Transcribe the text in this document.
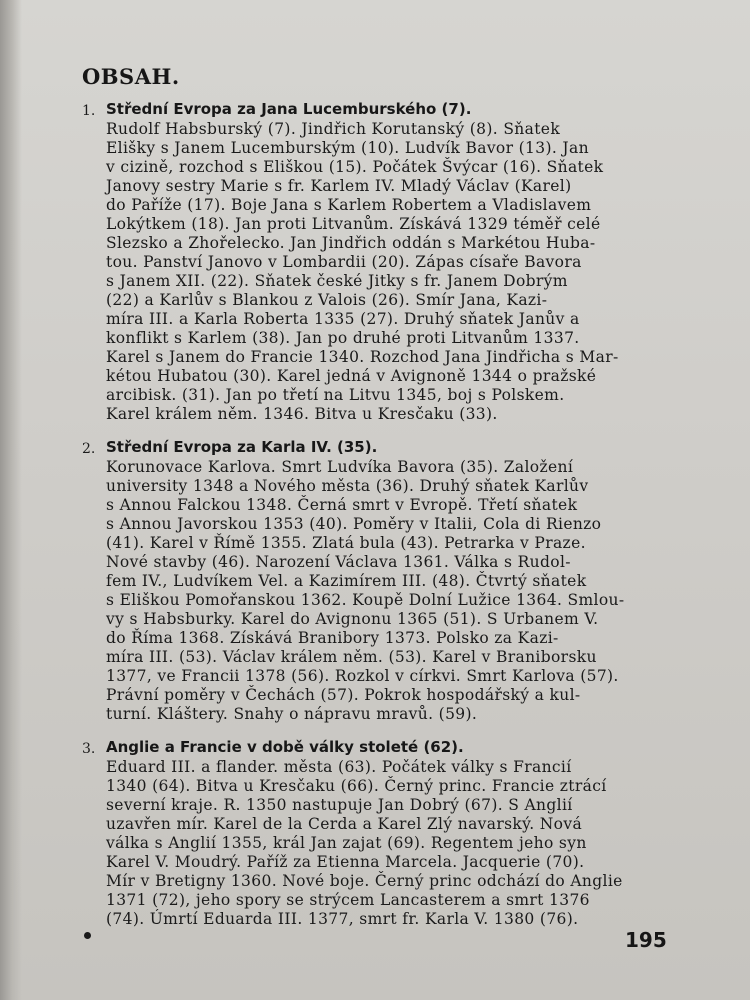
OBSAH.
1. Střední Evropa za Jana Lucemburského (7).
Rudolf Habsburský (7). Jindřich Korutanský (8). Sňatek
Elišky s Janem Lucemburským (10). Ludvík Bavor (13). Jan
v cizině, rozchod s Eliškou (15). Počátek Švýcar (16). Sňatek
Janovy sestry Marie s fr. Karlem IV. Mladý Václav (Karel)
do Paříže (17). Boje Jana s Karlem Robertem a Vladislavem
Lokýtkem (18). Jan proti Litvanům. Získává 1329 téměř celé
Slezsko a Zhořelecko. Jan Jindřich oddán s Markétou Huba-
tou. Panství Janovo v Lombardii (20). Zápas císaře Bavora
s Janem XII. (22). Sňatek české Jitky s fr. Janem Dobrým
(22) a Karlův s Blankou z Valois (26). Smír Jana, Kazi-
míra III. a Karla Roberta 1335 (27). Druhý sňatek Janův a
konflikt s Karlem (38). Jan po druhé proti Litvanům 1337.
Karel s Janem do Francie 1340. Rozchod Jana Jindřicha s Mar-
kétou Hubatou (30). Karel jedná v Avignoně 1344 o pražské
arcibisk. (31). Jan po třetí na Litvu 1345, boj s Polskem.
Karel králem něm. 1346. Bitva u Kresčaku (33).
2. Střední Evropa za Karla IV. (35).
Korunovace Karlova. Smrt Ludvíka Bavora (35). Založení
university 1348 a Nového města (36). Druhý sňatek Karlův
s Annou Falckou 1348. Černá smrt v Evropě. Třetí sňatek
s Annou Javorskou 1353 (40). Poměry v Italii, Cola di Rienzo
(41). Karel v Římě 1355. Zlatá bula (43). Petrarka v Praze.
Nové stavby (46). Narození Václava 1361. Válka s Rudol-
fem IV., Ludvíkem Vel. a Kazimírem III. (48). Čtvrtý sňatek
s Eliškou Pomořanskou 1362. Koupě Dolní Lužice 1364. Smlou-
vy s Habsburky. Karel do Avignonu 1365 (51). S Urbanem V.
do Říma 1368. Získává Branibory 1373. Polsko za Kazi-
míra III. (53). Václav králem něm. (53). Karel v Braniborsku
1377, ve Francii 1378 (56). Rozkol v církvi. Smrt Karlova (57).
Právní poměry v Čechách (57). Pokrok hospodářský a kul-
turní. Kláštery. Snahy o nápravu mravů. (59).
3. Anglie a Francie v době války stoleté (62).
Eduard III. a flander. města (63). Počátek války s Francií
1340 (64). Bitva u Kresčaku (66). Černý princ. Francie ztrácí
severní kraje. R. 1350 nastupuje Jan Dobrý (67). S Anglií
uzavřen mír. Karel de la Cerda a Karel Zlý navarský. Nová
válka s Anglií 1355, král Jan zajat (69). Regentem jeho syn
Karel V. Moudrý. Paříž za Etienna Marcela. Jacquerie (70).
Mír v Bretigny 1360. Nové boje. Černý princ odchází do Anglie
1371 (72), jeho spory se strýcem Lancasterem a smrt 1376
(74). Úmrtí Eduarda III. 1377, smrt fr. Karla V. 1380 (76).
195
